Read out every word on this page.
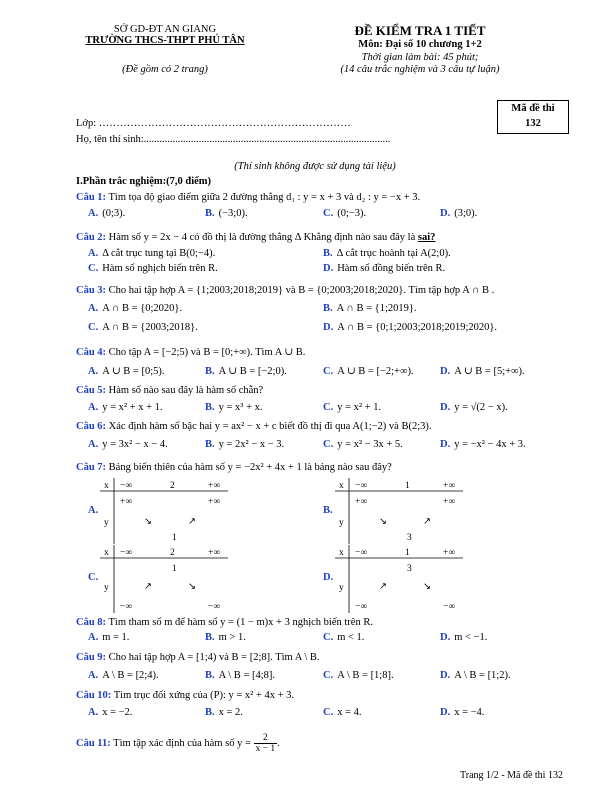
SỞ GD-ĐT AN GIANG
TRƯỜNG THCS-THPT PHÚ TÂN
(Đề gồm có 2 trang)
ĐỀ KIỂM TRA 1 TIẾT
Môn: Đại số 10 chương 1+2
Thời gian làm bài: 45 phút;
(14 câu trắc nghiệm và 3 câu tự luận)
Mã đề thi
132
Lớp: ………………………………………………………………
Họ, tên thí sinh:..............................................................................................
(Thí sinh không được sử dụng tài liệu)
I.Phần trắc nghiệm:(7,0 điểm)
Câu 1: Tìm tọa độ giao điểm giữa 2 đường thẳng d₁ : y = x + 3 và d₂ : y = −x + 3.
A. (0;3).	B. (−3;0).	C. (0;−3).	D. (3;0).
Câu 2: Hàm số y = 2x − 4 có đồ thị là đường thẳng Δ Khẳng định nào sau đây là sai?
A. Δ cắt trục tung tại B(0;−4).	B. Δ cắt trục hoành tại A(2;0).
C. Hàm số nghịch biến trên R.	D. Hàm số đồng biến trên R.
Câu 3: Cho hai tập hợp A = {1;2003;2018;2019} và B = {0;2003;2018;2020}. Tìm tập hợp A ∩ B .
A. A ∩ B = {0;2020}.	B. A ∩ B = {1;2019}.
C. A ∩ B = {2003;2018}.	D. A ∩ B = {0;1;2003;2018;2019;2020}.
Câu 4: Cho tập A = [−2;5) và B = [0;+∞). Tìm A ∪ B.
A. A ∪ B = [0;5).	B. A ∪ B = [−2;0).	C. A ∪ B = [−2;+∞).	D. A ∪ B = [5;+∞).
Câu 5: Hàm số nào sau đây là hàm số chẵn?
A. y = x² + x + 1.	B. y = x³ + x.	C. y = x² + 1.	D. y = √(2 − x).
Câu 6: Xác định hàm số bậc hai y = ax² − x + c biết đồ thị đi qua A(1;−2) và B(2;3).
A. y = 3x² − x − 4.	B. y = 2x² − x − 3.	C. y = x² − 3x + 5.	D. y = −x² − 4x + 3.
Câu 7: Bảng biến thiên của hàm số y = −2x² + 4x + 1 là bảng nào sau đây?
A.	B.
C.	D.
x −∞	2	+∞
y
+∞	+∞
1
↘	↗
x −∞	1	+∞
y
+∞	+∞
3
↘	↗
x −∞	2	+∞
y
1
−∞	−∞
↗	↘
x −∞	1	+∞
y
3
−∞	−∞
↗	↘
Câu 8: Tìm tham số m để hàm số y = (1 − m)x + 3 nghịch biến trên R.
A. m = 1.	B. m > 1.	C. m < 1.	D. m < −1.
Câu 9: Cho hai tập hợp A = [1;4) và B = [2;8]. Tìm A \ B.
A. A \ B = [2;4).	B. A \ B = [4;8].	C. A \ B = [1;8].	D. A \ B = [1;2).
Câu 10: Tìm trục đối xứng của (P): y = x² + 4x + 3.
A. x = −2.	B. x = 2.	C. x = 4.	D. x = −4.
Câu 11: Tìm tập xác định của hàm số $y = \frac{2}{x - 1}$ .
Trang 1/2 - Mã đề thi 132
